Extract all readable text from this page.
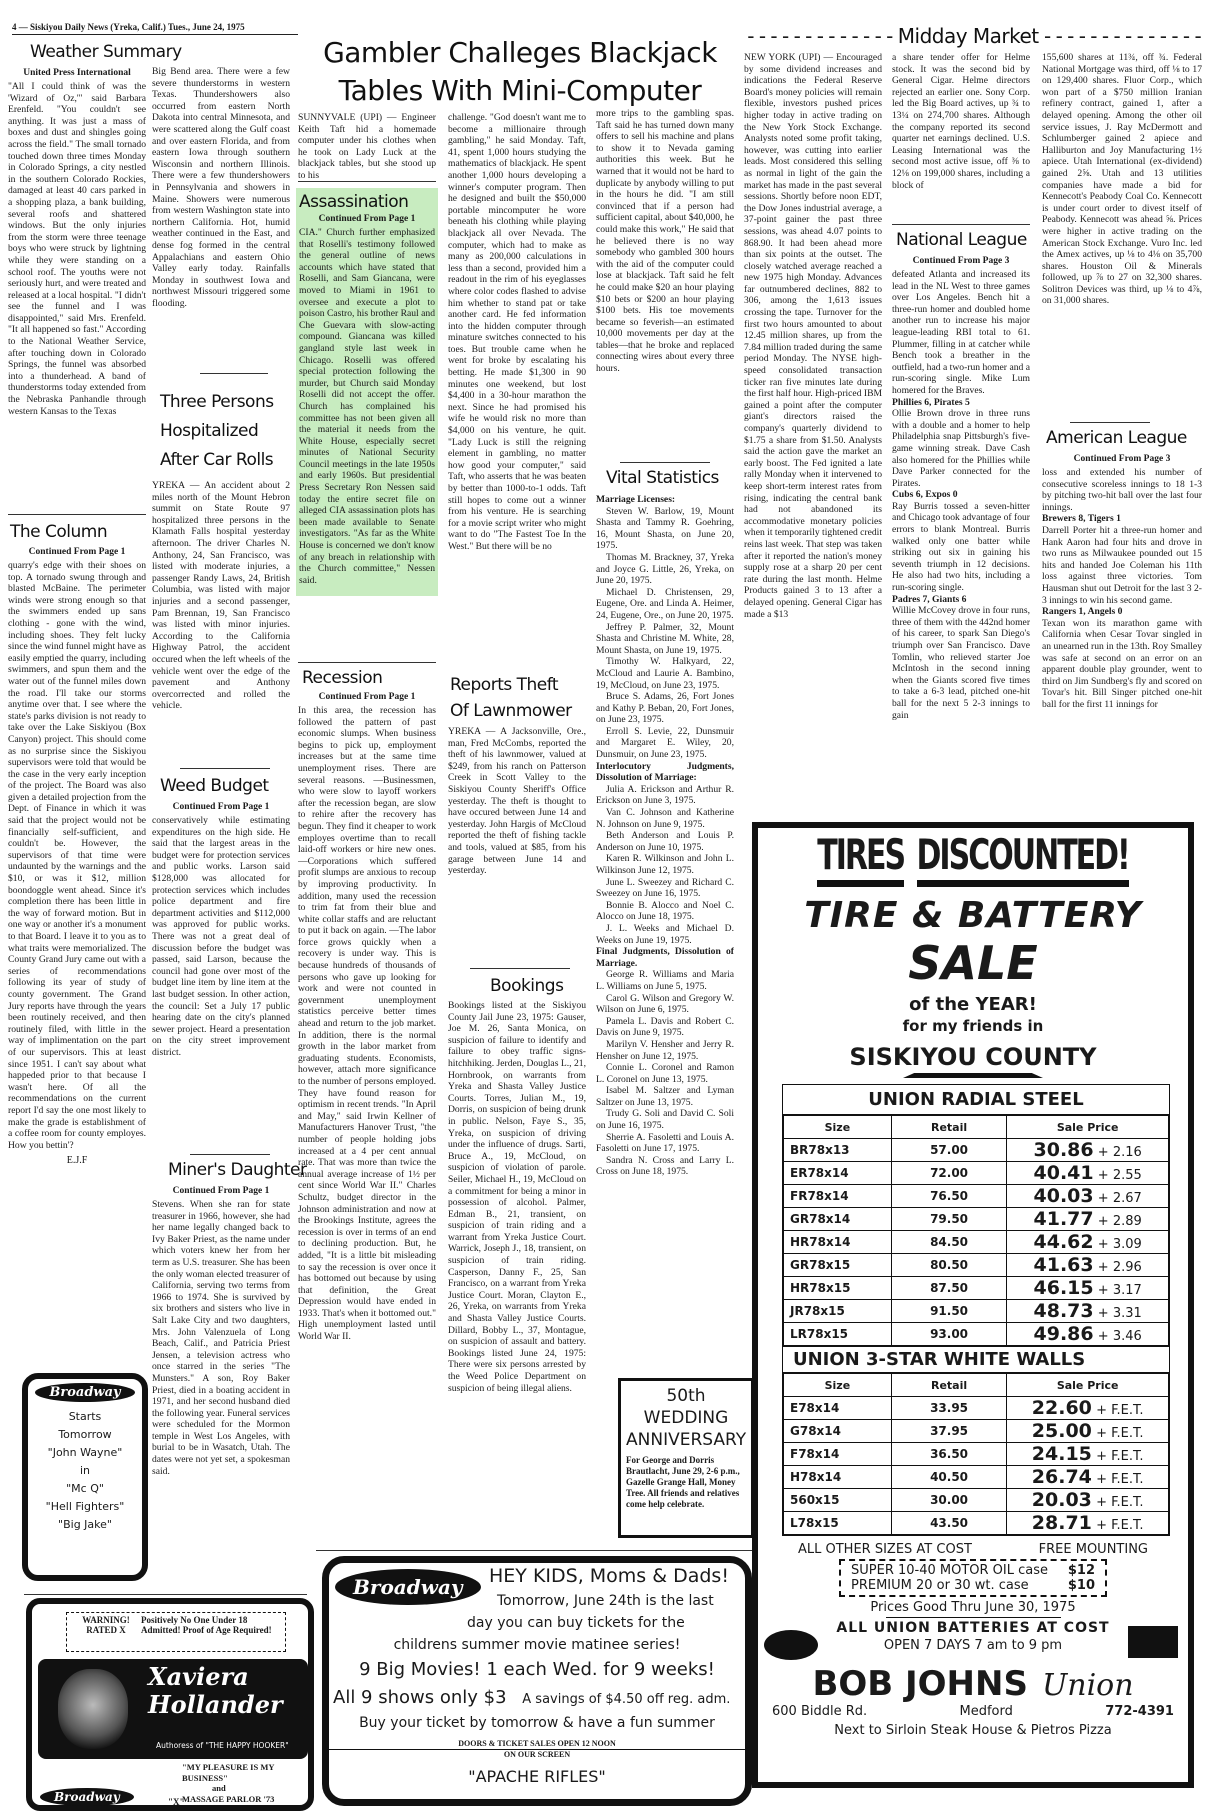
4 — Siskiyou Daily News (Yreka, Calif.) Tues., June 24, 1975
Weather Summary
United Press International
"All I could think of was the 'Wizard of Oz,'" said Barbara Erenfeld. "You couldn't see anything. It was just a mass of boxes and dust and shingles going across the field." The small tornado touched down three times Monday in Colorado Springs, a city nestled in the southern Colorado Rockies, damaged at least 40 cars parked in a shopping plaza, a bank building, several roofs and shattered windows. But the only injuries from the storm were three teenage boys who were struck by lightning while they were standing on a school roof. The youths were not seriously hurt, and were treated and released at a local hospital. "I didn't see the funnel and I was disappointed," said Mrs. Erenfeld. "It all happened so fast." According to the National Weather Service, after touching down in Colorado Springs, the funnel was absorbed into a thunderhead. A band of thunderstorms today extended from the Nebraska Panhandle through western Kansas to the Texas
Big Bend area. There were a few severe thunderstorms in western Texas. Thundershowers also occurred from eastern North Dakota into central Minnesota, and were scattered along the Gulf coast and over eastern Florida, and from eastern Iowa through southern Wisconsin and northern Illinois. There were a few thundershowers in Pennsylvania and showers in Maine. Showers were numerous from western Washington state into northern California. Hot, humid weather continued in the East, and dense fog formed in the central Appalachians and eastern Ohio Valley early today. Rainfalls Monday in southwest Iowa and northwest Missouri triggered some flooding.
Three Persons
Hospitalized
After Car Rolls
YREKA — An accident about 2 miles north of the Mount Hebron summit on State Route 97 hospitalized three persons in the Klamath Falls hospital yesterday afternoon. The driver Charles N. Anthony, 24, San Francisco, was listed with moderate injuries, a passenger Randy Laws, 24, British Columbia, was listed with major injuries and a second passenger, Pam Brennan, 19, San Francisco was listed with minor injuries. According to the California Highway Patrol, the accident occured when the left wheels of the vehicle went over the edge of the pavement and Anthony overcorrected and rolled the vehicle.
The Column
Continued From Page 1
quarry's edge with their shoes on top. A tornado swung through and blasted McBaine. The perimeter winds were strong enough so that the swimmers ended up sans clothing - gone with the wind, including shoes. They felt lucky since the wind funnel might have as easily emptied the quarry, including swimmers, and spun them and the water out of the funnel miles down the road. I'll take our storms anytime over that. I see where the state's parks division is not ready to take over the Lake Siskiyou (Box Canyon) project. This should come as no surprise since the Siskiyou supervisors were told that would be the case in the very early inception of the project. The Board was also given a detailed projection from the Dept. of Finance in which it was said that the project would not be financially self-sufficient, and couldn't be. However, the supervisors of that time were undaunted by the warnings and the $10, or was it $12, million boondoggle went ahead. Since it's completion there has been little in the way of forward motion. But in one way or another it's a monument to that Board. I leave it to you as to what traits were memorialized. The County Grand Jury came out with a series of recommendations following its year of study of county government. The Grand Jury reports have through the years been routinely received, and then routinely filed, with little in the way of implimentation on the part of our supervisors. This at least since 1951. I can't say about what happeded prior to that because I wasn't here. Of all the recommendations on the current report I'd say the one most likely to make the grade is establishment of a coffee room for county employes. How you bettin'?
E.J.F
Weed Budget
Continued From Page 1
conservatively while estimating expenditures on the high side. He said that the largest areas in the budget were for protection services and public works. Larson said $128,000 was allocated for protection services which includes police department and fire department activities and $112,000 was approved for public works. There was not a great deal of discussion before the budget was passed, said Larson, because the council had gone over most of the budget line item by line item at the last budget session. In other action, the council: Set a July 17 public hearing date on the city's planned sewer project. Heard a presentation on the city street improvement district.
Miner's Daughter
Continued From Page 1
Stevens. When she ran for state treasurer in 1966, however, she had her name legally changed back to Ivy Baker Priest, as the name under which voters knew her from her term as U.S. treasurer. She has been the only woman elected treasurer of California, serving two terms from 1966 to 1974. She is survived by six brothers and sisters who live in Salt Lake City and two daughters, Mrs. John Valenzuela of Long Beach, Calif., and Patricia Priest Jensen, a television actress who once starred in the series "The Munsters." A son, Roy Baker Priest, died in a boating accident in 1971, and her second husband died the following year. Funeral services were scheduled for the Mormon temple in West Los Angeles, with burial to be in Wasatch, Utah. The dates were not yet set, a spokesman said.
Broadway
Starts
Tomorrow
"John Wayne"
in
"Mc Q"
"Hell Fighters"
"Big Jake"
WARNING! RATED X
Positively No One Under 18 Admitted! Proof of Age Required!
Xaviera
Hollander
Authoress of "THE HAPPY HOOKER"
"MY PLEASURE IS MY BUSINESS"
and
MASSAGE PARLOR '73
Broadway	"X"
Gambler Challeges Blackjack
Tables With Mini-Computer
SUNNYVALE (UPI) — Engineer Keith Taft hid a homemade computer under his clothes when he took on Lady Luck at the blackjack tables, but she stood up to his
challenge. "God doesn't want me to become a millionaire through gambling," he said Monday. Taft, 41, spent 1,000 hours studying the mathematics of blackjack. He spent another 1,000 hours developing a winner's computer program. Then he designed and built the $50,000 portable mincomputer he wore beneath his clothing while playing blackjack all over Nevada. The computer, which had to make as many as 200,000 calculations in less than a second, provided him a readout in the rim of his eyeglasses where color codes flashed to advise him whether to stand pat or take another card. He fed information into the hidden computer through minature switches connected to his toes. But trouble came when he went for broke by escalating his betting. He made $1,300 in 90 minutes one weekend, but lost $4,400 in a 30-hour marathon the next. Since he had promised his wife he would risk no more than $4,000 on his venture, he quit. "Lady Luck is still the reigning element in gambling, no matter how good your computer," said Taft, who asserts that he was beaten by better than 1000-to-1 odds. Taft still hopes to come out a winner from his venture. He is searching for a movie script writer who might want to do "The Fastest Toe In the West." But there will be no
more trips to the gambling spas. Taft said he has turned down many offers to sell his machine and plans to show it to Nevada gaming authorities this week. But he warned that it would not be hard to duplicate by anybody willing to put in the hours he did. "I am still convinced that if a person had sufficient capital, about $40,000, he could make this work," He said that he believed there is no way somebody who gambled 300 hours with the aid of the computer could lose at blackjack. Taft said he felt he could make $20 an hour playing $10 bets or $200 an hour playing $100 bets. His toe movements became so feverish—an estimated 10,000 movements per day at the tables—that he broke and replaced connecting wires about every three hours.
Assassination
Continued From Page 1
CIA." Church further emphasized that Roselli's testimony followed the general outline of news accounts which have stated that Roselli, and Sam Giancana, were moved to Miami in 1961 to oversee and execute a plot to poison Castro, his brother Raul and Che Guevara with slow-acting compound. Giancana was killed gangland style last week in Chicago. Roselli was offered special protection following the murder, but Church said Monday Roselli did not accept the offer. Church has complained his committee has not been given all the material it needs from the White House, especially secret minutes of National Security Council meetings in the late 1950s and early 1960s. But presidential Press Secretary Ron Nessen said today the entire secret file on alleged CIA assassination plots has been made available to Senate investigators. "As far as the White House is concerned we don't know of any breach in relationship with the Church committee," Nessen said.
Recession
Continued From Page 1
In this area, the recession has followed the pattern of past economic slumps. When business begins to pick up, employment increases but at the same time unemployment rises. There are several reasons. —Businessmen, who were slow to layoff workers after the recession began, are slow to rehire after the recovery has begun. They find it cheaper to work employes overtime than to recall laid-off workers or hire new ones. —Corporations which suffered profit slumps are anxious to recoup by improving productivity. In addition, many used the recession to trim fat from their blue and white collar staffs and are reluctant to put it back on again. —The labor force grows quickly when a recovery is under way. This is because hundreds of thousands of persons who gave up looking for work and were not counted in government unemployment statistics perceive better times ahead and return to the job market. In addition, there is the normal growth in the labor market from graduating students. Economists, however, attach more significance to the number of persons employed. They have found reason for optimism in recent trends. "In April and May," said Irwin Kellner of Manufacturers Hanover Trust, "the number of people holding jobs increased at a 4 per cent annual rate. That was more than twice the annual average increase of 1½ per cent since World War II." Charles Schultz, budget director in the Johnson administration and now at the Brookings Institute, agrees the recession is over in terms of an end to declining production. But, he added, "It is a little bit misleading to say the recession is over once it has bottomed out because by using that definition, the Great Depression would have ended in 1933. That's when it bottomed out." High unemployment lasted until World War II.
Reports Theft
Of Lawnmower
YREKA — A Jacksonville, Ore., man, Fred McCombs, reported the theft of his lawnmower, valued at $249, from his ranch on Patterson Creek in Scott Valley to the Siskiyou County Sheriff's Office yesterday. The theft is thought to have occured between June 14 and yesterday. John Hargis of McCloud reported the theft of fishing tackle and tools, valued at $85, from his garage between June 14 and yesterday.
Bookings
Bookings listed at the Siskiyou County Jail June 23, 1975: Gauser, Joe M. 26, Santa Monica, on suspicion of failure to identify and failure to obey traffic signs-hitchhiking. Jerden, Douglas L., 21, Hornbrook, on warrants from Yreka and Shasta Valley Justice Courts. Torres, Julian M., 19, Dorris, on suspicion of being drunk in public. Nelson, Faye S., 35, Yreka, on suspicion of driving under the influence of drugs. Sarti, Bruce A., 19, McCloud, on suspicion of violation of parole. Seiler, Michael H., 19, McCloud on a commitment for being a minor in possession of alcohol. Palmer, Edman B., 21, transient, on suspicion of train riding and a warrant from Yreka Justice Court. Warrick, Joseph J., 18, transient, on suspicion of train riding. Casperson, Danny F., 25, San Francisco, on a warrant from Yreka Justice Court. Moran, Clayton E., 26, Yreka, on warrants from Yreka and Shasta Valley Justice Courts. Dillard, Bobby L., 37, Montague, on suspicion of assault and battery. Bookings listed June 24, 1975: There were six persons arrested by the Weed Police Department on suspicion of being illegal aliens.
Vital Statistics
Marriage Licenses:

Steven W. Barlow, 19, Mount Shasta and Tammy R. Goehring, 16, Mount Shasta, on June 20, 1975.

Thomas M. Brackney, 37, Yreka and Joyce G. Little, 26, Yreka, on June 20, 1975.

Michael D. Christensen, 29, Eugene, Ore. and Linda A. Heimer, 24, Eugene, Ore., on June 20, 1975.

Jeffrey P. Palmer, 32, Mount Shasta and Christine M. White, 28, Mount Shasta, on June 19, 1975.

Timothy W. Halkyard, 22, McCloud and Laurie A. Bambino, 19, McCloud, on June 23, 1975.

Bruce S. Adams, 26, Fort Jones and Kathy P. Beban, 20, Fort Jones, on June 23, 1975.

Erroll S. Levie, 22, Dunsmuir and Margaret E. Wiley, 20, Dunsmuir, on June 23, 1975.

Interlocutory Judgments, Dissolution of Marriage:

Julia A. Erickson and Arthur R. Erickson on June 3, 1975.

Van C. Johnson and Katherine N. Johnson on June 9, 1975.

Beth Anderson and Louis P. Anderson on June 10, 1975.

Karen R. Wilkinson and John L. Wilkinson June 12, 1975.

June L. Sweezey and Richard C. Sweezey on June 16, 1975.

Bonnie B. Alocco and Noel C. Alocco on June 18, 1975.

J. L. Weeks and Michael D. Weeks on June 19, 1975.

Final Judgments, Dissolution of Marriage.

George R. Williams and Maria L. Williams on June 5, 1975.

Carol G. Wilson and Gregory W. Wilson on June 6, 1975.

Pamela L. Davis and Robert C. Davis on June 9, 1975.

Marilyn V. Hensher and Jerry R. Hensher on June 12, 1975.

Connie L. Coronel and Ramon L. Coronel on June 13, 1975.

Isabel M. Saltzer and Lyman Saltzer on June 13, 1975.

Trudy G. Soli and David C. Soli on June 16, 1975.

Sherrie A. Fasoletti and Louis A. Fasoletti on June 17, 1975.

Sandra N. Cross and Larry L. Cross on June 18, 1975.

50th
WEDDING
ANNIVERSARY
For George and Dorris Brautlacht, June 29, 2-6 p.m., Gazelle Grange Hall, Money Tree. All friends and relatives come help celebrate.
Broadway	HEY KIDS, Moms & Dads!
Tomorrow, June 24th is the last
day you can buy tickets for the
childrens summer movie matinee series!
9 Big Movies! 1 each Wed. for 9 weeks!
All 9 shows only $3 A savings of $4.50 off reg. adm.
Buy your ticket by tomorrow & have a fun summer
DOORS & TICKET SALES OPEN 12 NOON
ON OUR SCREEN
"APACHE RIFLES"
- - - - - - - - - - - - - Midday Market - - - - - - - - - - - - - -
NEW YORK (UPI) — Encouraged by some dividend increases and indications the Federal Reserve Board's money policies will remain flexible, investors pushed prices higher today in active trading on the New York Stock Exchange. Analysts noted some profit taking, however, was cutting into earlier leads. Most considered this selling as normal in light of the gain the market has made in the past several sessions. Shortly before noon EDT, the Dow Jones industrial average, a 37-point gainer the past three sessions, was ahead 4.07 points to 868.90. It had been ahead more than six points at the outset. The closely watched average reached a new 1975 high Monday. Advances far outnumbered declines, 882 to 306, among the 1,613 issues crossing the tape. Turnover for the first two hours amounted to about 12.45 million shares, up from the 7.84 million traded during the same period Monday. The NYSE high-speed consolidated transaction ticker ran five minutes late during the first half hour. High-priced IBM gained a point after the computer giant's directors raised the company's quarterly dividend to $1.75 a share from $1.50. Analysts said the action gave the market an early boost. The Fed ignited a late rally Monday when it intervened to keep short-term interest rates from rising, indicating the central bank had not abandoned its accommodative monetary policies when it temporarily tightened credit reins last week. That step was taken after it reported the nation's money supply rose at a sharp 20 per cent rate during the last month. Helme Products gained 3 to 13 after a delayed opening. General Cigar has made a $13
a share tender offer for Helme stock. It was the second bid by General Cigar. Helme directors rejected an earlier one. Sony Corp. led the Big Board actives, up ¾ to 13¼ on 274,700 shares. Although the company reported its second quarter net earnings declined. U.S. Leasing International was the second most active issue, off ⅜ to 12⅛ on 199,000 shares, including a block of
155,600 shares at 11¾, off ¾. Federal National Mortgage was third, off ⅛ to 17 on 129,400 shares. Fluor Corp., which won part of a $750 million Iranian refinery contract, gained 1, after a delayed opening. Among the other oil service issues, J. Ray McDermott and Schlumberger gained 2 apiece and Halliburton and Joy Manufacturing 1½ apiece. Utah International (ex-dividend) gained 2⅝. Utah and 13 utilities companies have made a bid for Kennecott's Peabody Coal Co. Kennecott is under court order to divest itself of Peabody. Kennecott was ahead ⅝. Prices were higher in active trading on the American Stock Exchange. Vuro Inc. led the Amex actives, up ⅛ to 4⅛ on 35,700 shares. Houston Oil & Minerals followed, up ⅞ to 27 on 32,300 shares. Solitron Devices was third, up ⅛ to 4⅞, on 31,000 shares.
National League
Continued From Page 3
defeated Atlanta and increased its lead in the NL West to three games over Los Angeles. Bench hit a three-run homer and doubled home another run to increase his major league-leading RBI total to 61. Plummer, filling in at catcher while Bench took a breather in the outfield, had a two-run homer and a run-scoring single. Mike Lum homered for the Braves.
Phillies 6, Pirates 5
Ollie Brown drove in three runs with a double and a homer to help Philadelphia snap Pittsburgh's five-game winning streak. Dave Cash also homered for the Phillies while Dave Parker connected for the Pirates.
Cubs 6, Expos 0
Ray Burris tossed a seven-hitter and Chicago took advantage of four errors to blank Montreal. Burris walked only one batter while striking out six in gaining his seventh triumph in 12 decisions. He also had two hits, including a run-scoring single.
Padres 7, Giants 6
Willie McCovey drove in four runs, three of them with the 442nd homer of his career, to spark San Diego's triumph over San Francisco. Dave Tomlin, who relieved starter Joe McIntosh in the second inning when the Giants scored five times to take a 6-3 lead, pitched one-hit ball for the next 5 2-3 innings to gain
American League
Continued From Page 3
loss and extended his number of consecutive scoreless innings to 18 1-3 by pitching two-hit ball over the last four innings.
Brewers 8, Tigers 1
Darrell Porter hit a three-run homer and Hank Aaron had four hits and drove in two runs as Milwaukee pounded out 15 hits and handed Joe Coleman his 11th loss against three victories. Tom Hausman shut out Detroit for the last 3 2-3 innings to win his second game.
Rangers 1, Angels 0
Texan won its marathon game with California when Cesar Tovar singled in an unearned run in the 13th. Roy Smalley was safe at second on an error on an apparent double play grounder, went to third on Jim Sundberg's fly and scored on Tovar's hit. Bill Singer pitched one-hit ball for the first 11 innings for
TIRES DISCOUNTED!
TIRE & BATTERY
SALE
of the YEAR!
for my friends in
SISKIYOU COUNTY
UNION RADIAL STEEL
Size	Retail	Sale Price
BR78x13	57.00	30.86 + 2.16
ER78x14	72.00	40.41 + 2.55
FR78x14	76.50	40.03 + 2.67
GR78x14	79.50	41.77 + 2.89
HR78x14	84.50	44.62 + 3.09
GR78x15	80.50	41.63 + 2.96
HR78x15	87.50	46.15 + 3.17
JR78x15	91.50	48.73 + 3.31
LR78x15	93.00	49.86 + 3.46
UNION 3-STAR WHITE WALLS
Size	Retail	Sale Price
E78x14	33.95	22.60 + F.E.T.
G78x14	37.95	25.00 + F.E.T.
F78x14	36.50	24.15 + F.E.T.
H78x14	40.50	26.74 + F.E.T.
560x15	30.00	20.03 + F.E.T.
L78x15	43.50	28.71 + F.E.T.
ALL OTHER SIZES AT COST	FREE MOUNTING
SUPER 10-40 MOTOR OIL case $12
PREMIUM 20 or 30 wt. case	$10
Prices Good Thru June 30, 1975
ALL UNION BATTERIES AT COST
OPEN 7 DAYS 7 am to 9 pm
BOB JOHNS Union
600 Biddle Rd.	Medford	772-4391
Next to Sirloin Steak House & Pietros Pizza
